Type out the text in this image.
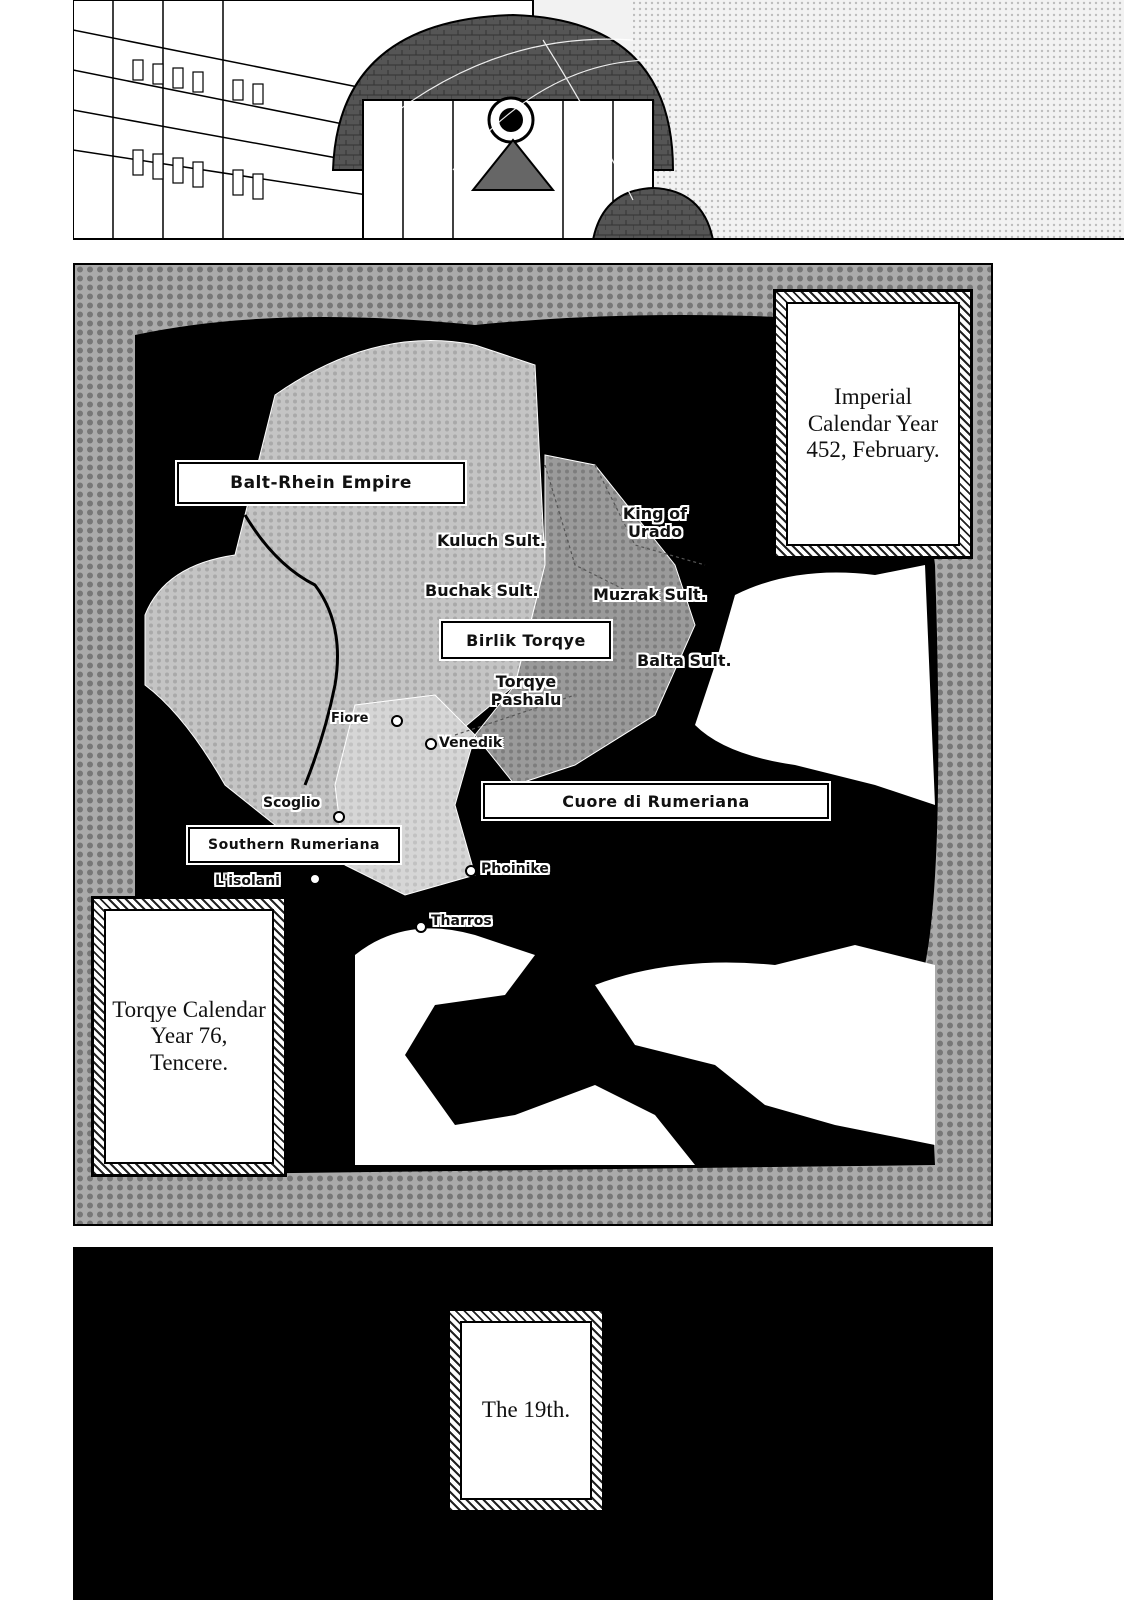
Imperial Calendar Year 452, February.
Torqye Calendar Year 76, Tencere.
Balt-Rhein Empire
Birlik Torqye
Cuore di Rumeriana
Southern Rumeriana
Kuluch Sult.
King of Urado
Buchak Sult.	Muzrak Sult.
Balta Sult.
Torqye Pashalu
Fiore
Venedik
Scoglio
L'isolani
Phoinike
Tharros
The 19th.
